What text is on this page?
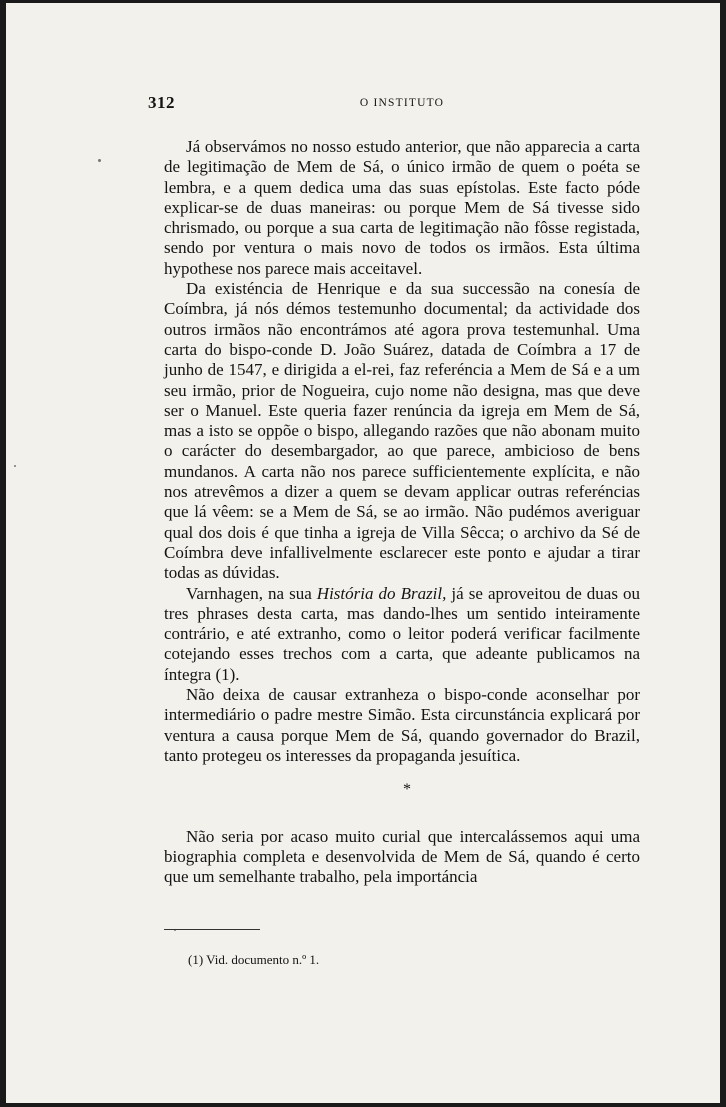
312	O INSTITUTO

Já observámos no nosso estudo anterior, que não apparecia a carta de legitimação de Mem de Sá, o único irmão de quem o poéta se lembra, e a quem dedica uma das suas epístolas. Este facto póde explicar-se de duas maneiras: ou porque Mem de Sá tivesse sido chrismado, ou porque a sua carta de legitimação não fôsse registada, sendo por ventura o mais novo de todos os irmãos. Esta última hypothese nos parece mais acceitavel.

Da existéncia de Henrique e da sua successão na conesía de Coímbra, já nós démos testemunho documental; da actividade dos outros irmãos não encontrámos até agora prova testemunhal. Uma carta do bispo-conde D. João Suárez, datada de Coímbra a 17 de junho de 1547, e dirigida a el-rei, faz referéncia a Mem de Sá e a um seu irmão, prior de Nogueira, cujo nome não designa, mas que deve ser o Manuel. Este queria fazer renúncia da igreja em Mem de Sá, mas a isto se oppõe o bispo, allegando razões que não abonam muito o carácter do desembargador, ao que parece, ambicioso de bens mundanos. A carta não nos parece sufficientemente explícita, e não nos atrevêmos a dizer a quem se devam applicar outras referéncias que lá vêem: se a Mem de Sá, se ao irmão. Não pudémos averiguar qual dos dois é que tinha a igreja de Villa Sêcca; o archivo da Sé de Coímbra deve infallivelmente esclarecer este ponto e ajudar a tirar todas as dúvidas.

Varnhagen, na sua História do Brazil, já se aproveitou de duas ou tres phrases desta carta, mas dando-lhes um sentido inteiramente contrário, e até extranho, como o leitor poderá verificar facilmente cotejando esses trechos com a carta, que adeante publicamos na íntegra (1).

Não deixa de causar extranheza o bispo-conde aconselhar por intermediário o padre mestre Simão. Esta circunstáncia explicará por ventura a causa porque Mem de Sá, quando governador do Brazil, tanto protegeu os interesses da propaganda jesuítica.

*

Não seria por acaso muito curial que intercalássemos aqui uma biographia completa e desenvolvida de Mem de Sá, quando é certo que um semelhante trabalho, pela importáncia

(1) Vid. documento n.º 1.
